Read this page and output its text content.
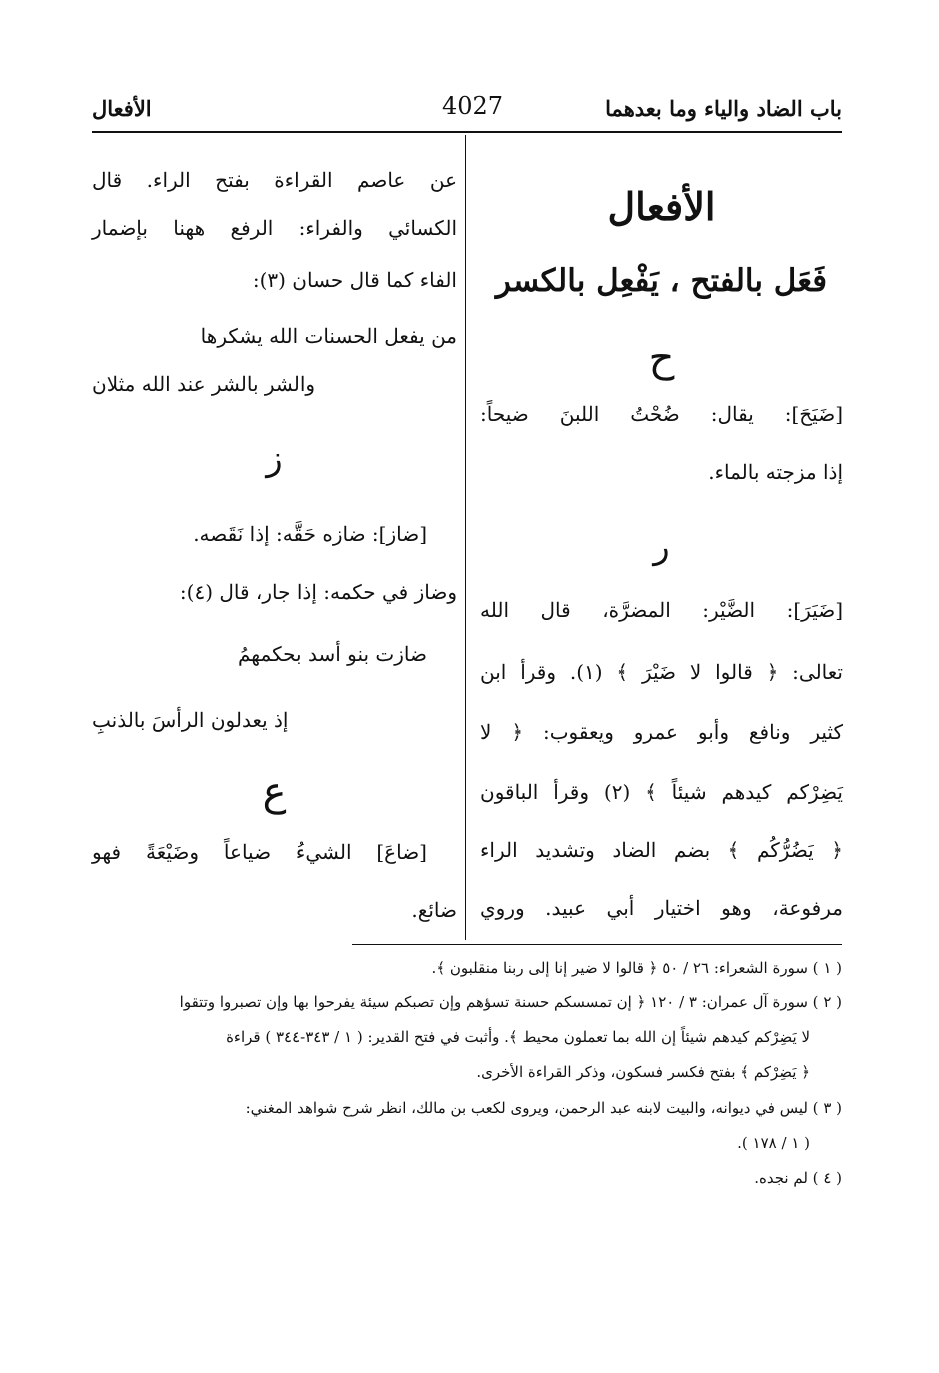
باب الضاد والياء وما بعدهما
4027
الأفعال
الأفعال
فَعَل بالفتح ، يَفْعِل بالكسر
ح
[ضَيَحَ]: يقال: ضُحْتُ اللبنَ ضيحاً:
إذا مزجته بالماء.
ر
[ضَيَرَ]: الضَّيْر: المضرَّة، قال الله
تعالى: ﴿ قالوا لا ضَيْرَ ﴾ (١). وقرأ ابن
كثير ونافع وأبو عمرو ويعقوب: ﴿ لا
يَضِرْكم كيدهم شيئاً ﴾ (٢) وقرأ الباقون
﴿ يَضُرُّكُم ﴾ بضم الضاد وتشديد الراء
مرفوعة، وهو اختيار أبي عبيد. وروي
عن عاصم القراءة بفتح الراء. قال
الكسائي والفراء: الرفع ههنا بإضمار
الفاء كما قال حسان (٣):
من يفعل الحسنات الله يشكرها
والشر بالشر عند الله مثلان
ز
[ضاز]: ضازه حَقَّه: إذا نَقَصه.
وضاز في حكمه: إذا جار، قال (٤):
ضازت بنو أسد بحكمهمُ
إذ يعدلون الرأسَ بالذنبِ
ع
[ضاعَ] الشيءُ ضياعاً وضَيْعَةً فهو
ضائع.
( ١ ) سورة الشعراء: ٢٦ / ٥٠ ﴿ قالوا لا ضير إنا إلى ربنا منقلبون ﴾.
( ٢ ) سورة آل عمران: ٣ / ١٢٠ ﴿ إن تمسسكم حسنة تسؤهم وإن تصبكم سيئة يفرحوا بها وإن تصبروا وتتقوا
لا يَضِرْكم كيدهم شيئاً إن الله بما تعملون محيط ﴾. وأثبت في فتح القدير: ( ١ / ٣٤٣-٣٤٤ ) قراءة
﴿ يَضِرْكم ﴾ بفتح فكسر فسكون، وذكر القراءة الأخرى.
( ٣ ) ليس في ديوانه، والبيت لابنه عبد الرحمن، ويروى لكعب بن مالك، انظر شرح شواهد المغني:
( ١ / ١٧٨ ).
( ٤ ) لم نجده.
